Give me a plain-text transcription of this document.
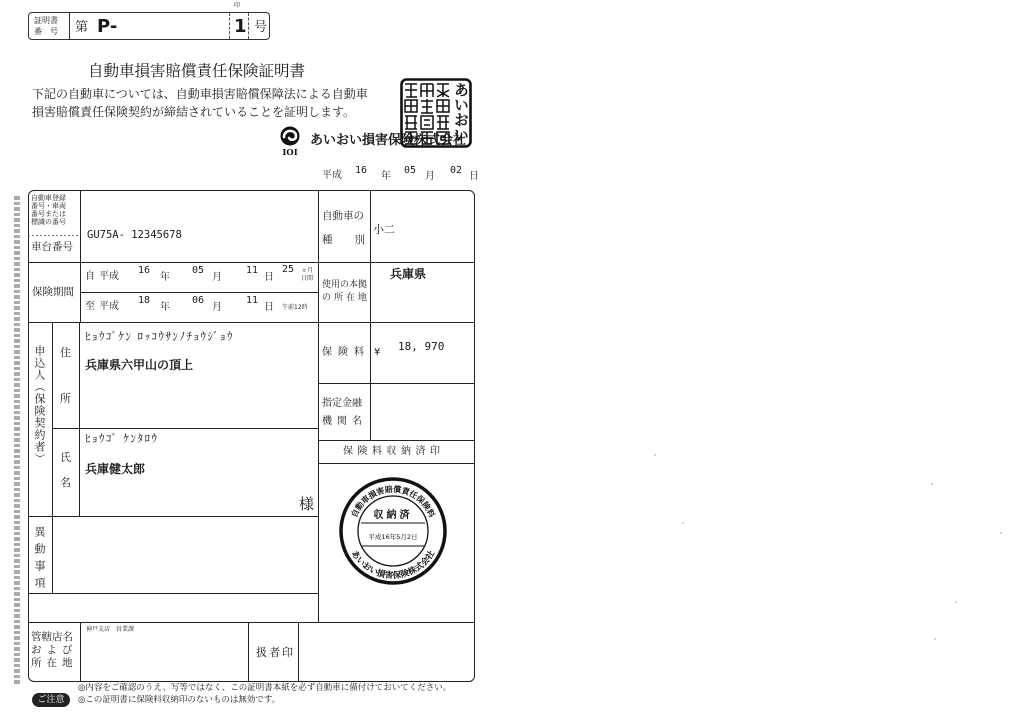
印
証明書
番　号 第 P-	1 号
自動車損害賠償責任保険証明書
下記の自動車については、自動車損害賠償保障法による自動車
損害賠償責任保険契約が締結されていることを証明します。
IOI
あいおい損害保険株式会社
あいおい
平成 16
年
05
月
02
日
自動車登録
番号・車両
番号または
標識の番号
車台番号
GU75A- 12345678
自動車の
種別
小二
保険期間
自 平成
16
年
05
月
11
日
25 ヵ月
日間
至 平成
18
年
06
月
11
日 午前12時
使用の本拠
の所在地
兵庫県
申込人（保険契約者） 住
所
氏
名
ﾋｮｳｺﾞｹﾝ ﾛｯｺｳｻﾝﾉﾁｮｳｼﾞｮｳ
兵庫県六甲山の頂上
ﾋｮｳｺﾞ ｹﾝﾀﾛｳ
兵庫健太郎
様
保険料 ¥ 18, 970
指定金融
機関名
保険料収納済印
自動車損害賠償責任保険料
あいおい損害保険株式会社
収納済
平成16年5月2日
異動事項
管轄店名
および
所在地
神戸支店　営業課
扱者印
ご注意
◎内容をご確認のうえ、写等ではなく、この証明書本紙を必ず自動車に備付けておいてください。
◎この証明書に保険料収納印のないものは無効です。
